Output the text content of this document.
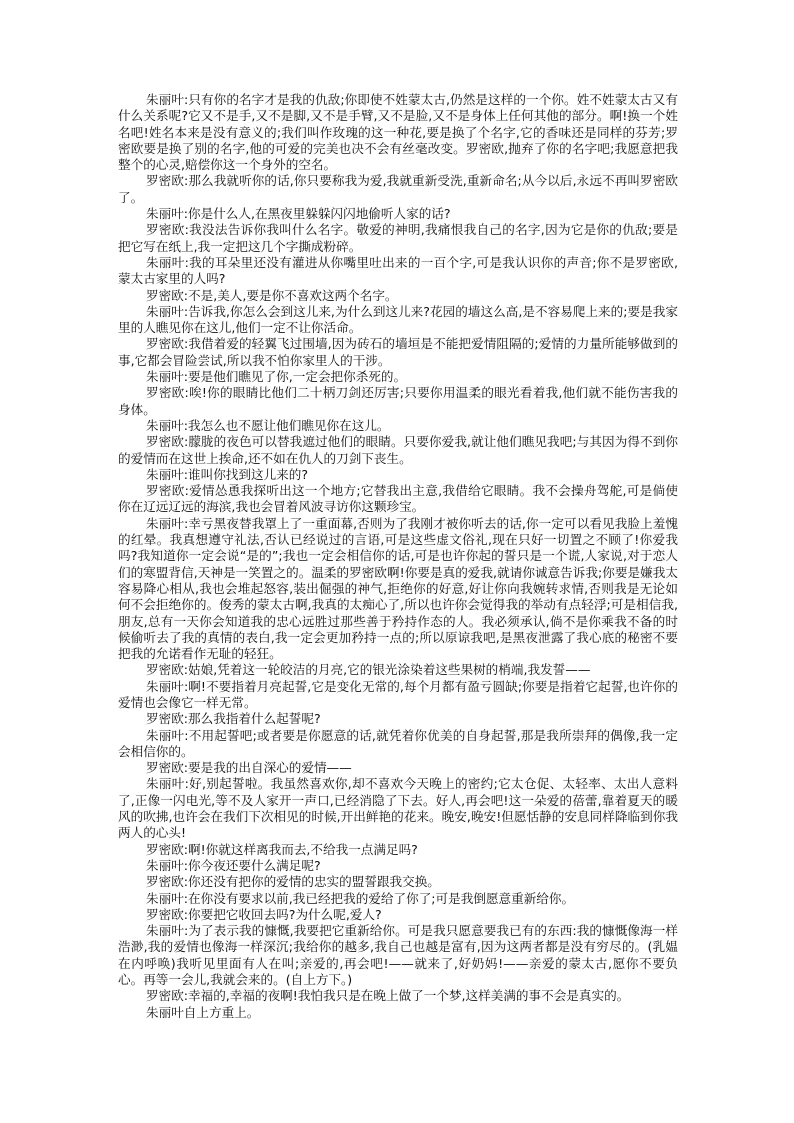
朱丽叶:只有你的名字才是我的仇敌;你即使不姓蒙太古,仍然是这样的一个你。姓不姓蒙太古又有什么关系呢?它又不是手,又不是脚,又不是手臂,又不是脸,又不是身体上任何其他的部分。啊!换一个姓名吧!姓名本来是没有意义的;我们叫作玫瑰的这一种花,要是换了个名字,它的香味还是同样的芬芳;罗密欧要是换了别的名字,他的可爱的完美也决不会有丝毫改变。罗密欧,抛弃了你的名字吧;我愿意把我整个的心灵,赔偿你这一个身外的空名。

罗密欧:那么我就听你的话,你只要称我为爱,我就重新受洗,重新命名;从今以后,永远不再叫罗密欧了。

朱丽叶:你是什么人,在黑夜里躲躲闪闪地偷听人家的话?

罗密欧:我没法告诉你我叫什么名字。敬爱的神明,我痛恨我自己的名字,因为它是你的仇敌;要是把它写在纸上,我一定把这几个字撕成粉碎。

朱丽叶:我的耳朵里还没有灌进从你嘴里吐出来的一百个字,可是我认识你的声音;你不是罗密欧,蒙太古家里的人吗?

罗密欧:不是,美人,要是你不喜欢这两个名字。

朱丽叶:告诉我,你怎么会到这儿来,为什么到这儿来?花园的墙这么高,是不容易爬上来的;要是我家里的人瞧见你在这儿,他们一定不让你活命。

罗密欧:我借着爱的轻翼飞过围墙,因为砖石的墙垣是不能把爱情阻隔的;爱情的力量所能够做到的事,它都会冒险尝试,所以我不怕你家里人的干涉。

朱丽叶:要是他们瞧见了你,一定会把你杀死的。

罗密欧:唉!你的眼睛比他们二十柄刀剑还厉害;只要你用温柔的眼光看着我,他们就不能伤害我的身体。

朱丽叶:我怎么也不愿让他们瞧见你在这儿。

罗密欧:朦胧的夜色可以替我遮过他们的眼睛。只要你爱我,就让他们瞧见我吧;与其因为得不到你的爱情而在这世上挨命,还不如在仇人的刀剑下丧生。

朱丽叶:谁叫你找到这儿来的?

罗密欧:爱情怂恿我探听出这一个地方;它替我出主意,我借给它眼睛。我不会操舟驾舵,可是倘使你在辽远辽远的海滨,我也会冒着风波寻访你这颗珍宝。

朱丽叶:幸亏黑夜替我罩上了一重面幕,否则为了我刚才被你听去的话,你一定可以看见我脸上羞愧的红晕。我真想遵守礼法,否认已经说过的言语,可是这些虚文俗礼,现在只好一切置之不顾了!你爱我吗?我知道你一定会说“是的”;我也一定会相信你的话,可是也许你起的誓只是一个谎,人家说,对于恋人们的寒盟背信,天神是一笑置之的。温柔的罗密欧啊!你要是真的爱我,就请你诚意告诉我;你要是嫌我太容易降心相从,我也会堆起怒容,装出倔强的神气,拒绝你的好意,好让你向我婉转求情,否则我是无论如何不会拒绝你的。俊秀的蒙太古啊,我真的太痴心了,所以也许你会觉得我的举动有点轻浮;可是相信我,朋友,总有一天你会知道我的忠心远胜过那些善于矜持作态的人。我必须承认,倘不是你乘我不备的时候偷听去了我的真情的表白,我一定会更加矜持一点的;所以原谅我吧,是黑夜泄露了我心底的秘密不要把我的允诺看作无耻的轻狂。

罗密欧:姑娘,凭着这一轮皎洁的月亮,它的银光涂染着这些果树的梢端,我发誓——

朱丽叶:啊!不要指着月亮起誓,它是变化无常的,每个月都有盈亏圆缺;你要是指着它起誓,也许你的爱情也会像它一样无常。

罗密欧:那么我指着什么起誓呢?

朱丽叶:不用起誓吧;或者要是你愿意的话,就凭着你优美的自身起誓,那是我所崇拜的偶像,我一定会相信你的。

罗密欧:要是我的出自深心的爱情——

朱丽叶:好,别起誓啦。我虽然喜欢你,却不喜欢今天晚上的密约;它太仓促、太轻率、太出人意料了,正像一闪电光,等不及人家开一声口,已经消隐了下去。好人,再会吧!这一朵爱的蓓蕾,靠着夏天的暖风的吹拂,也许会在我们下次相见的时候,开出鲜艳的花来。晚安,晚安!但愿恬静的安息同样降临到你我两人的心头!

罗密欧:啊!你就这样离我而去,不给我一点满足吗?

朱丽叶:你今夜还要什么满足呢?

罗密欧:你还没有把你的爱情的忠实的盟誓跟我交换。

朱丽叶:在你没有要求以前,我已经把我的爱给了你了;可是我倒愿意重新给你。

罗密欧:你要把它收回去吗?为什么呢,爱人?

朱丽叶:为了表示我的慷慨,我要把它重新给你。可是我只愿意要我已有的东西:我的慷慨像海一样浩渺,我的爱情也像海一样深沉;我给你的越多,我自己也越是富有,因为这两者都是没有穷尽的。(乳媪在内呼唤)我听见里面有人在叫;亲爱的,再会吧!——就来了,好奶妈!——亲爱的蒙太古,愿你不要负心。再等一会儿,我就会来的。(自上方下。)

罗密欧:幸福的,幸福的夜啊!我怕我只是在晚上做了一个梦,这样美满的事不会是真实的。

朱丽叶自上方重上。
